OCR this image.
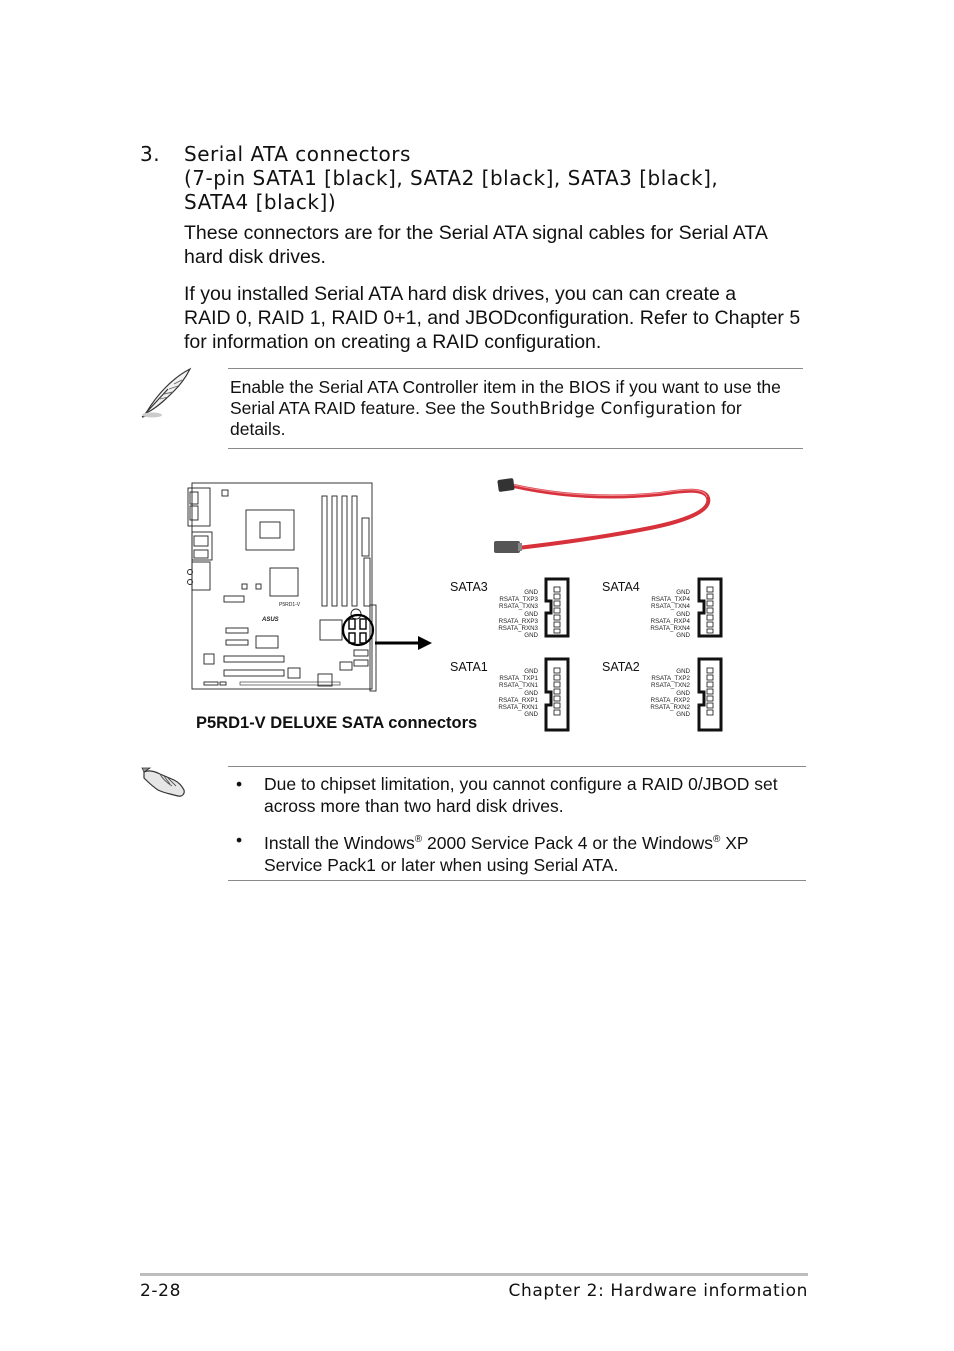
3. Serial ATA connectors
(7-pin SATA1 [black], SATA2 [black], SATA3 [black],
SATA4 [black])
These connectors are for the Serial ATA signal cables for Serial ATA
hard disk drives.
If you installed Serial ATA hard disk drives, you can can create a
RAID 0, RAID 1, RAID 0+1, and JBODconfiguration. Refer to Chapter 5
for information on creating a RAID configuration.
Enable the Serial ATA Controller item in the BIOS if you want to use the
Serial ATA RAID feature. See the SouthBridge Configuration for
details.
P5RD1-V
ASUS
SATA3	SATA4
SATA1	SATA2
GND
RSATA_TXP3
RSATA_TXN3
GND
RSATA_RXP3
RSATA_RXN3
GND
GND
RSATA_TXP4
RSATA_TXN4
GND
RSATA_RXP4
RSATA_RXN4
GND
GND
RSATA_TXP1
RSATA_TXN1
GND
RSATA_RXP1
RSATA_RXN1
GND
GND
RSATA_TXP2
RSATA_TXN2
GND
RSATA_RXP2
RSATA_RXN2
GND
P5RD1-V DELUXE SATA connectors
• Due to chipset limitation, you cannot configure a RAID 0/JBOD set
across more than two hard disk drives.
• Install the Windows® 2000 Service Pack 4 or the Windows® XP
Service Pack1 or later when using Serial ATA.
2-28	Chapter 2: Hardware information
